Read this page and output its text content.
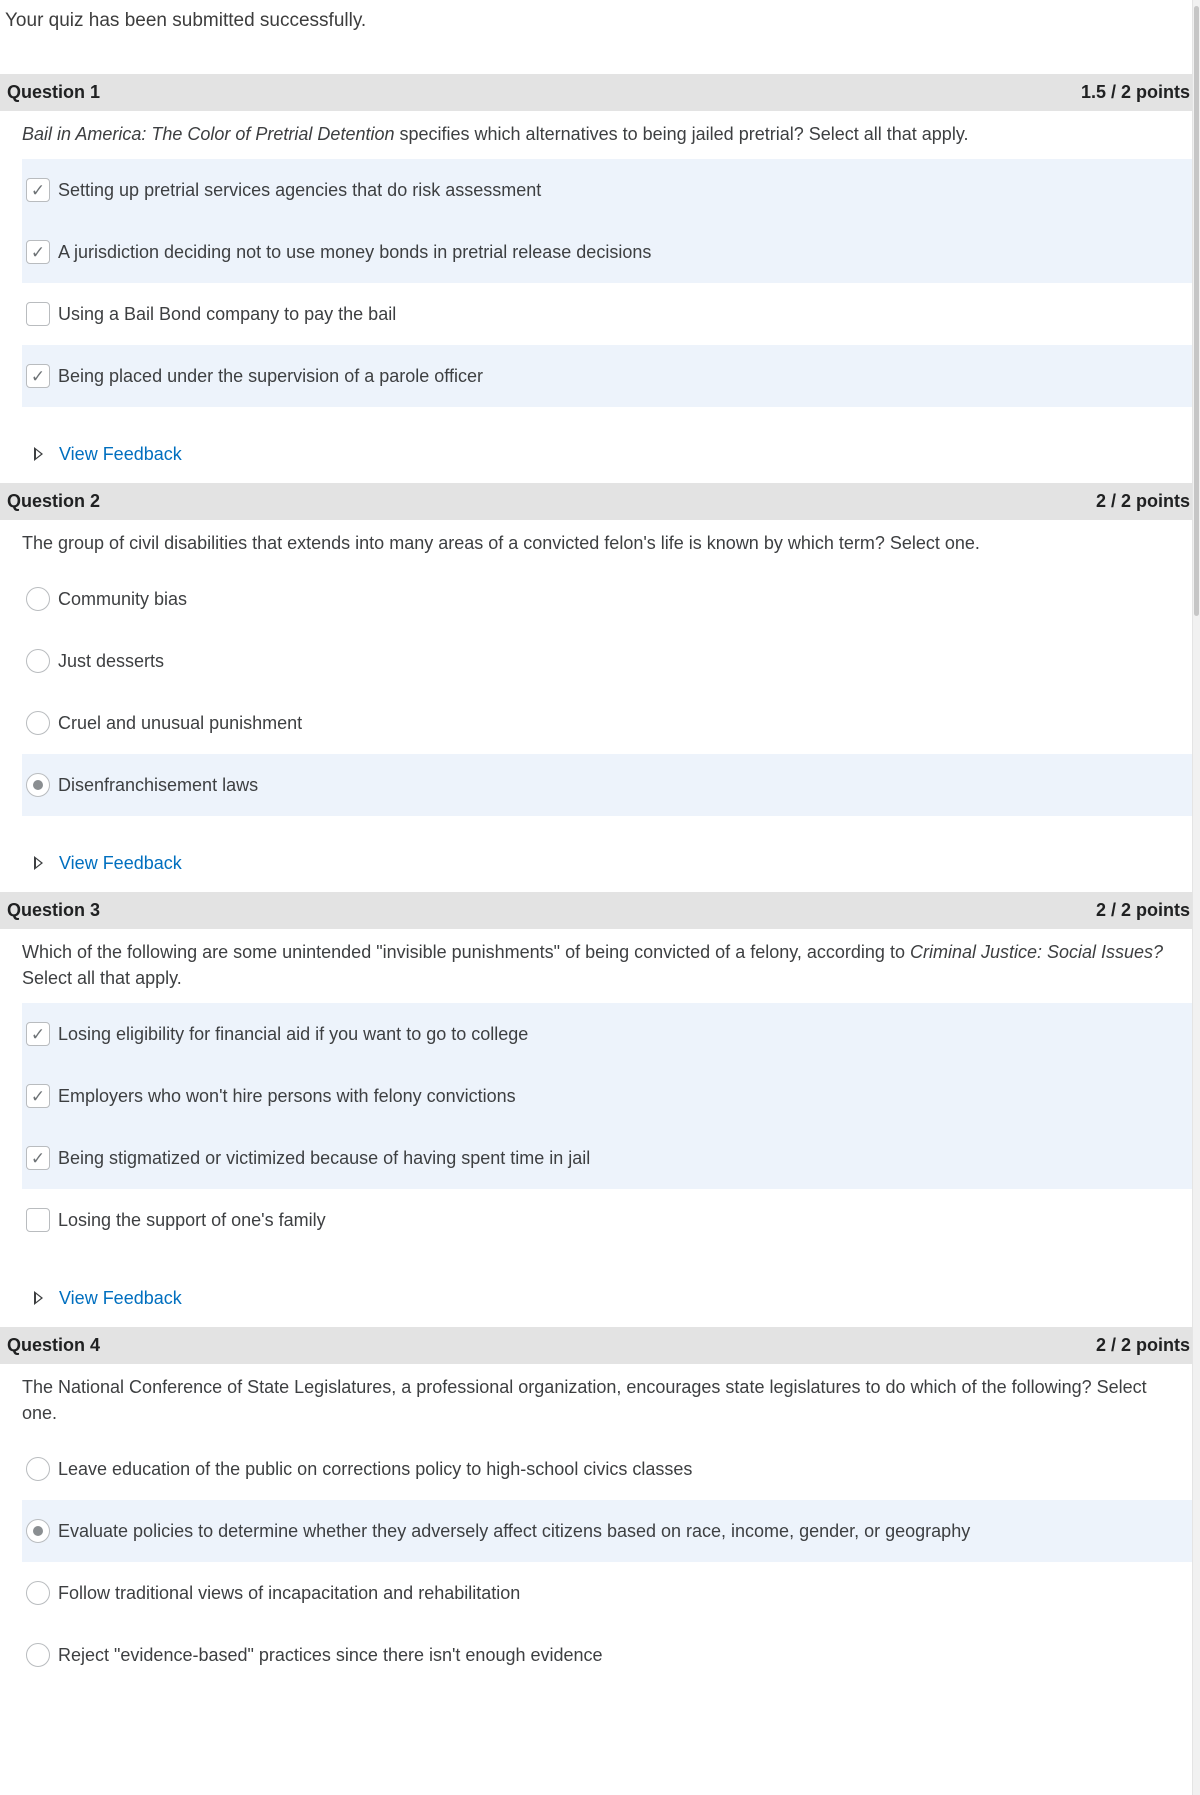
Your quiz has been submitted successfully.
Question 1	1.5 / 2 points
Bail in America: The Color of Pretrial Detention specifies which alternatives to being jailed pretrial? Select all that apply.
✓ Setting up pretrial services agencies that do risk assessment
✓ A jurisdiction deciding not to use money bonds in pretrial release decisions
Using a Bail Bond company to pay the bail
✓ Being placed under the supervision of a parole officer
View Feedback
Question 2	2 / 2 points
The group of civil disabilities that extends into many areas of a convicted felon's life is known by which term? Select one.
Community bias
Just desserts
Cruel and unusual punishment
Disenfranchisement laws
View Feedback
Question 3	2 / 2 points
Which of the following are some unintended "invisible punishments" of being convicted of a felony, according to Criminal Justice: Social Issues? Select all that apply.
✓ Losing eligibility for financial aid if you want to go to college
✓ Employers who won't hire persons with felony convictions
✓ Being stigmatized or victimized because of having spent time in jail
Losing the support of one's family
View Feedback
Question 4	2 / 2 points
The National Conference of State Legislatures, a professional organization, encourages state legislatures to do which of the following? Select one.
Leave education of the public on corrections policy to high-school civics classes
Evaluate policies to determine whether they adversely affect citizens based on race, income, gender, or geography
Follow traditional views of incapacitation and rehabilitation
Reject "evidence-based" practices since there isn't enough evidence
